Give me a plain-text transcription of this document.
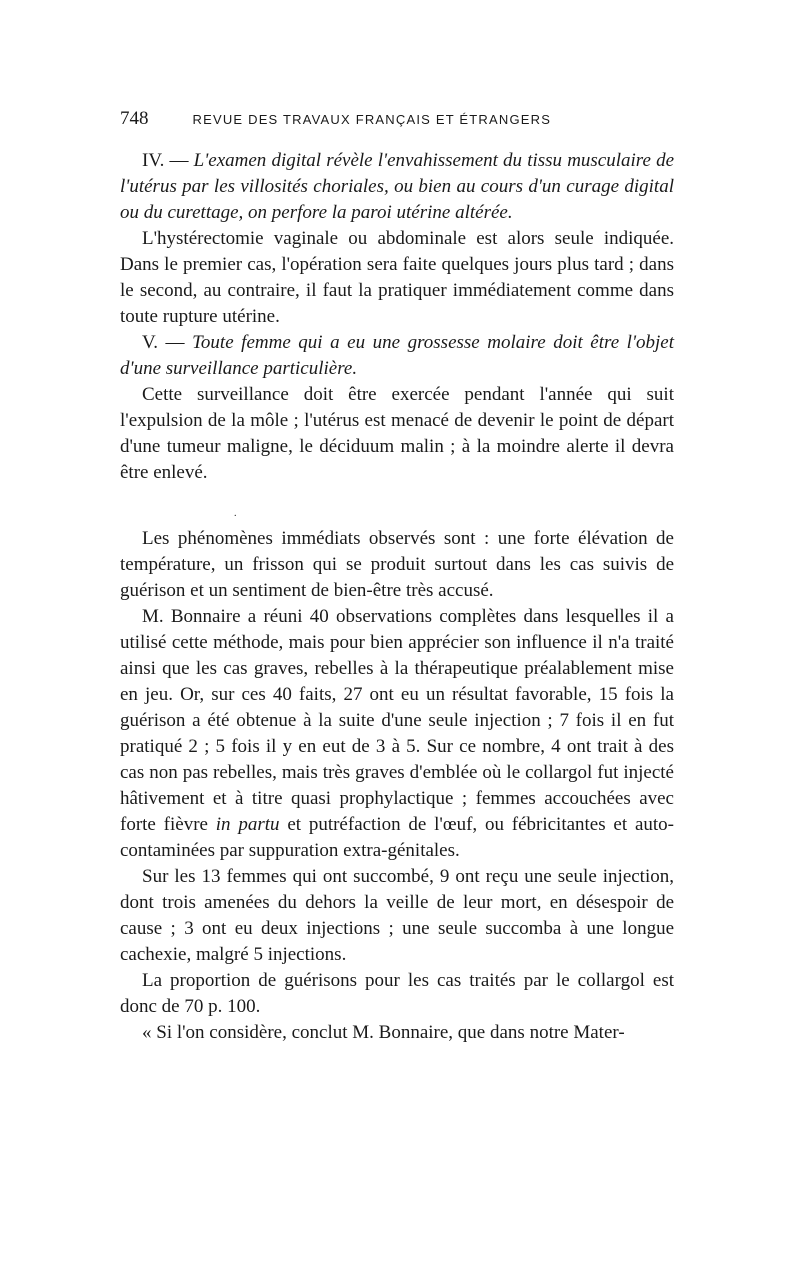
748	REVUE DES TRAVAUX FRANÇAIS ET ÉTRANGERS

IV. — L'examen digital révèle l'envahissement du tissu musculaire de l'utérus par les villosités choriales, ou bien au cours d'un curage digital ou du curettage, on perfore la paroi utérine altérée.

L'hystérectomie vaginale ou abdominale est alors seule indiquée. Dans le premier cas, l'opération sera faite quelques jours plus tard ; dans le second, au contraire, il faut la pratiquer immédiatement comme dans toute rupture utérine.

V. — Toute femme qui a eu une grossesse molaire doit être l'objet d'une surveillance particulière.

Cette surveillance doit être exercée pendant l'année qui suit l'expulsion de la môle ; l'utérus est menacé de devenir le point de départ d'une tumeur maligne, le déciduum malin ; à la moindre alerte il devra être enlevé.

.

Les phénomènes immédiats observés sont : une forte élévation de température, un frisson qui se produit surtout dans les cas suivis de guérison et un sentiment de bien-être très accusé.

M. Bonnaire a réuni 40 observations complètes dans lesquelles il a utilisé cette méthode, mais pour bien apprécier son influence il n'a traité ainsi que les cas graves, rebelles à la thérapeutique préalablement mise en jeu. Or, sur ces 40 faits, 27 ont eu un résultat favorable, 15 fois la guérison a été obtenue à la suite d'une seule injection ; 7 fois il en fut pratiqué 2 ; 5 fois il y en eut de 3 à 5. Sur ce nombre, 4 ont trait à des cas non pas rebelles, mais très graves d'emblée où le collargol fut injecté hâtivement et à titre quasi prophylactique ; femmes accouchées avec forte fièvre in partu et putréfaction de l'œuf, ou fébricitantes et auto-contaminées par suppuration extra-génitales.

Sur les 13 femmes qui ont succombé, 9 ont reçu une seule injection, dont trois amenées du dehors la veille de leur mort, en désespoir de cause ; 3 ont eu deux injections ; une seule succomba à une longue cachexie, malgré 5 injections.

La proportion de guérisons pour les cas traités par le collargol est donc de 70 p. 100.

« Si l'on considère, conclut M. Bonnaire, que dans notre Mater-
